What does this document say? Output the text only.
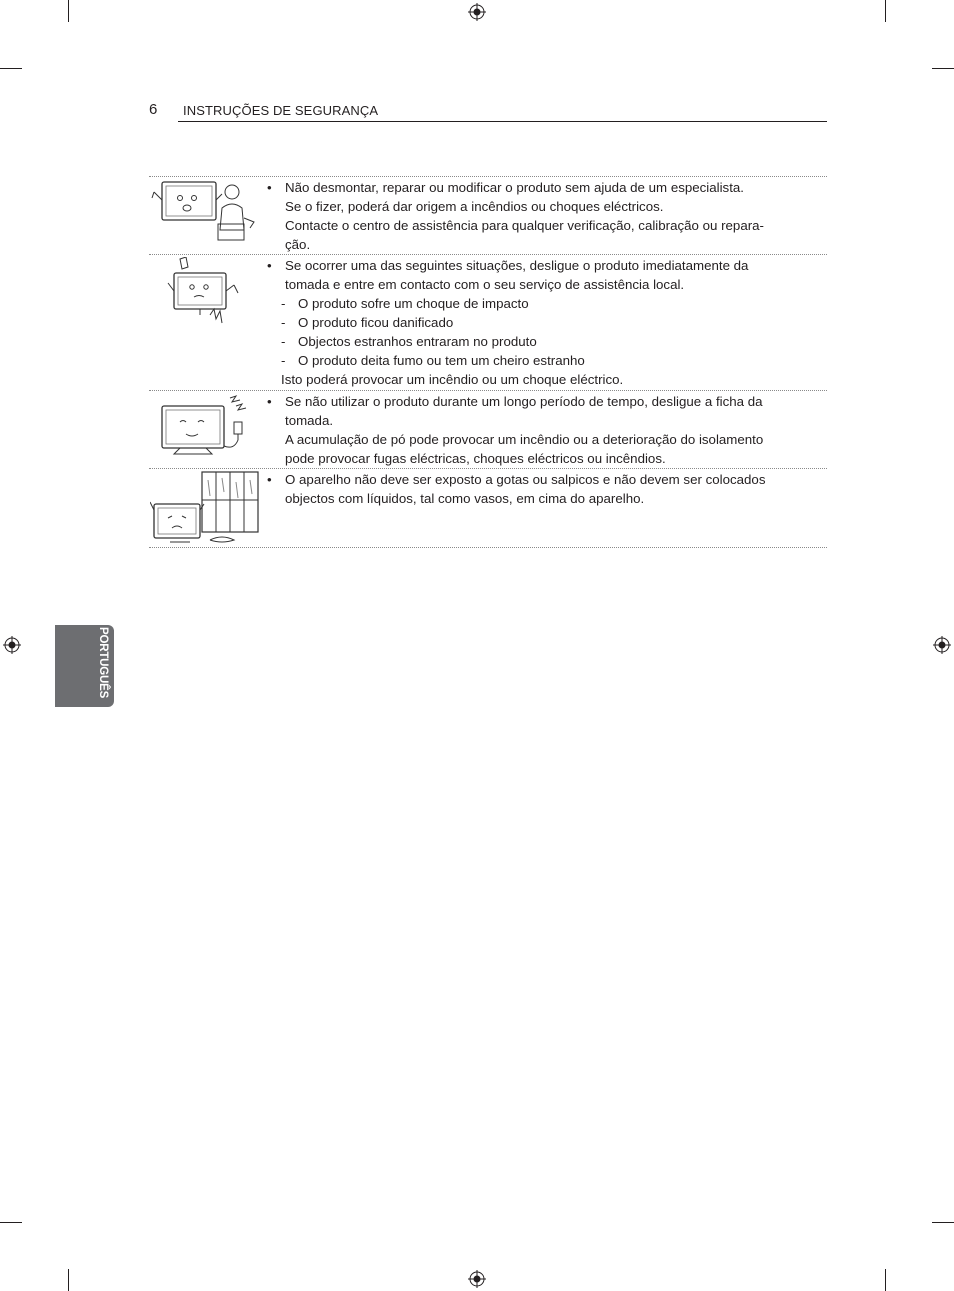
6 INSTRUÇÕES DE SEGURANÇA
• Não desmontar, reparar ou modificar o produto sem ajuda de um especialista.
Se o fizer, poderá dar origem a incêndios ou choques eléctricos.
Contacte o centro de assistência para qualquer verificação, calibração ou repara-
ção.
• Se ocorrer uma das seguintes situações, desligue o produto imediatamente da
tomada e entre em contacto com o seu serviço de assistência local.
- O produto sofre um choque de impacto
- O produto ficou danificado
- Objectos estranhos entraram no produto
- O produto deita fumo ou tem um cheiro estranho
Isto poderá provocar um incêndio ou um choque eléctrico.
• Se não utilizar o produto durante um longo período de tempo, desligue a ficha da
tomada.
A acumulação de pó pode provocar um incêndio ou a deterioração do isolamento
pode provocar fugas eléctricas, choques eléctricos ou incêndios.
• O aparelho não deve ser exposto a gotas ou salpicos e não devem ser colocados
objectos com líquidos, tal como vasos, em cima do aparelho.
PORTUGUÊS
